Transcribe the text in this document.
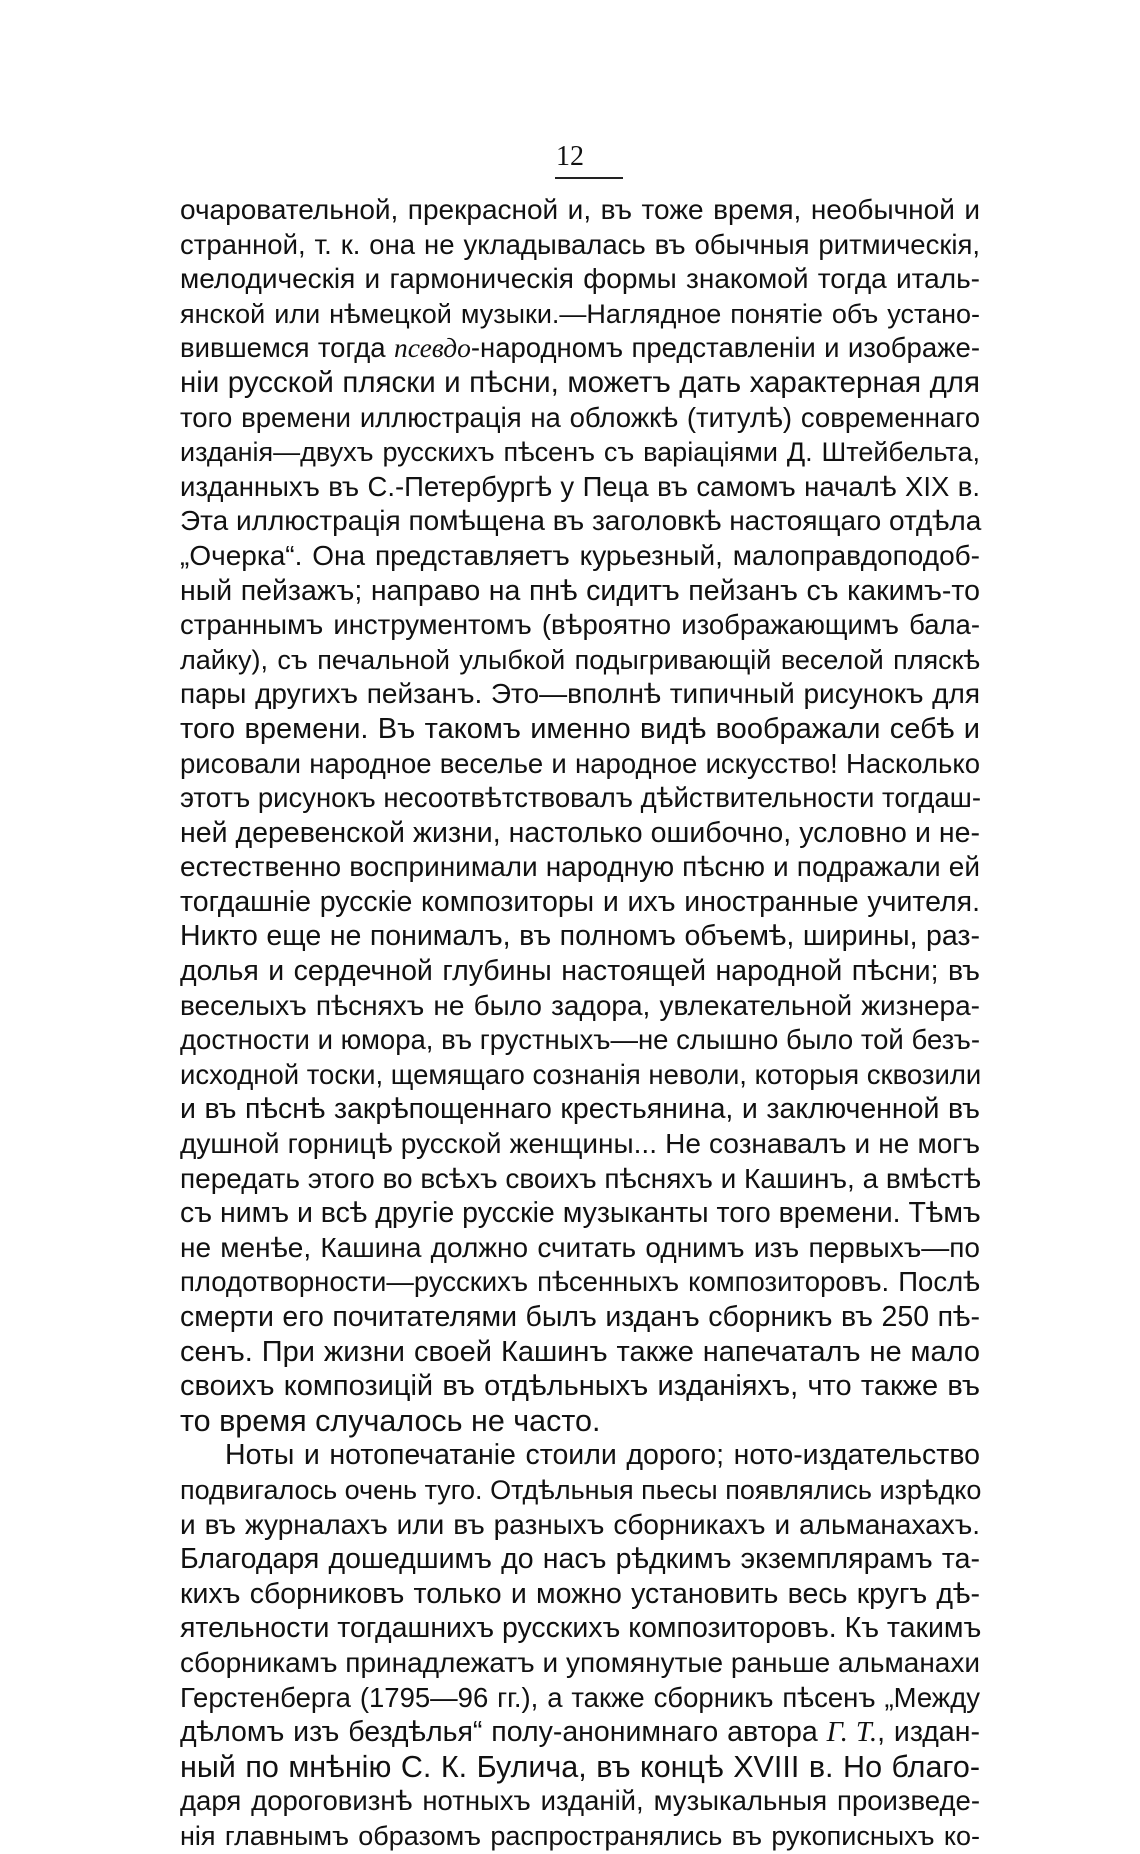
12
очаровательной, прекрасной и, въ тоже время, необычной и
странной, т. к. она не укладывалась въ обычныя ритмическія,
мелодическія и гармоническія формы знакомой тогда италь-
янской или нѣмецкой музыки.—Наглядное понятіе объ устано-
вившемся тогда псевдо-народномъ представленіи и изображе-
ніи русской пляски и пѣсни, можетъ дать характерная для
того времени иллюстрація на обложкѣ (титулѣ) современнаго
изданія—двухъ русскихъ пѣсенъ съ варіаціями Д. Штейбельта,
изданныхъ въ С.-Петербургѣ у Пеца въ самомъ началѣ XIX в.
Эта иллюстрація помѣщена въ заголовкѣ настоящаго отдѣла
„Очерка“. Она представляетъ курьезный, малоправдоподоб-
ный пейзажъ; направо на пнѣ сидитъ пейзанъ съ какимъ-то
страннымъ инструментомъ (вѣроятно изображающимъ бала-
лайку), съ печальной улыбкой подыгривающій веселой пляскѣ
пары другихъ пейзанъ. Это—вполнѣ типичный рисунокъ для
того времени. Въ такомъ именно видѣ воображали себѣ и
рисовали народное веселье и народное искусство! Насколько
этотъ рисунокъ несоотвѣтствовалъ дѣйствительности тогдаш-
ней деревенской жизни, настолько ошибочно, условно и не-
естественно воспринимали народную пѣсню и подражали ей
тогдашніе русскіе композиторы и ихъ иностранные учителя.
Никто еще не понималъ, въ полномъ объемѣ, ширины, раз-
долья и сердечной глубины настоящей народной пѣсни; въ
веселыхъ пѣсняхъ не было задора, увлекательной жизнера-
достности и юмора, въ грустныхъ—не слышно было той безъ-
исходной тоски, щемящаго сознанія неволи, которыя сквозили
и въ пѣснѣ закрѣпощеннаго крестьянина, и заключенной въ
душной горницѣ русской женщины... Не сознавалъ и не могъ
передать этого во всѣхъ своихъ пѣсняхъ и Кашинъ, а вмѣстѣ
съ нимъ и всѣ другіе русскіе музыканты того времени. Тѣмъ
не менѣе, Кашина должно считать однимъ изъ первыхъ—по
плодотворности—русскихъ пѣсенныхъ композиторовъ. Послѣ
смерти его почитателями былъ изданъ сборникъ въ 250 пѣ-
сенъ. При жизни своей Кашинъ также напечаталъ не мало
своихъ композицій въ отдѣльныхъ изданіяхъ, что также въ
то время случалось не часто.
Ноты и нотопечатаніе стоили дорого; ното-издательство
подвигалось очень туго. Отдѣльныя пьесы появлялись изрѣдко
и въ журналахъ или въ разныхъ сборникахъ и альманахахъ.
Благодаря дошедшимъ до насъ рѣдкимъ экземплярамъ та-
кихъ сборниковъ только и можно установить весь кругъ дѣ-
ятельности тогдашнихъ русскихъ композиторовъ. Къ такимъ
сборникамъ принадлежатъ и упомянутые раньше альманахи
Герстенберга (1795—96 гг.), а также сборникъ пѣсенъ „Между
дѣломъ изъ бездѣлья“ полу-анонимнаго автора Г. Т., издан-
ный по мнѣнію С. К. Булича, въ концѣ XVIII в. Но благо-
даря дороговизнѣ нотныхъ изданій, музыкальныя произведе-
нія главнымъ образомъ распространялись въ рукописныхъ ко-
